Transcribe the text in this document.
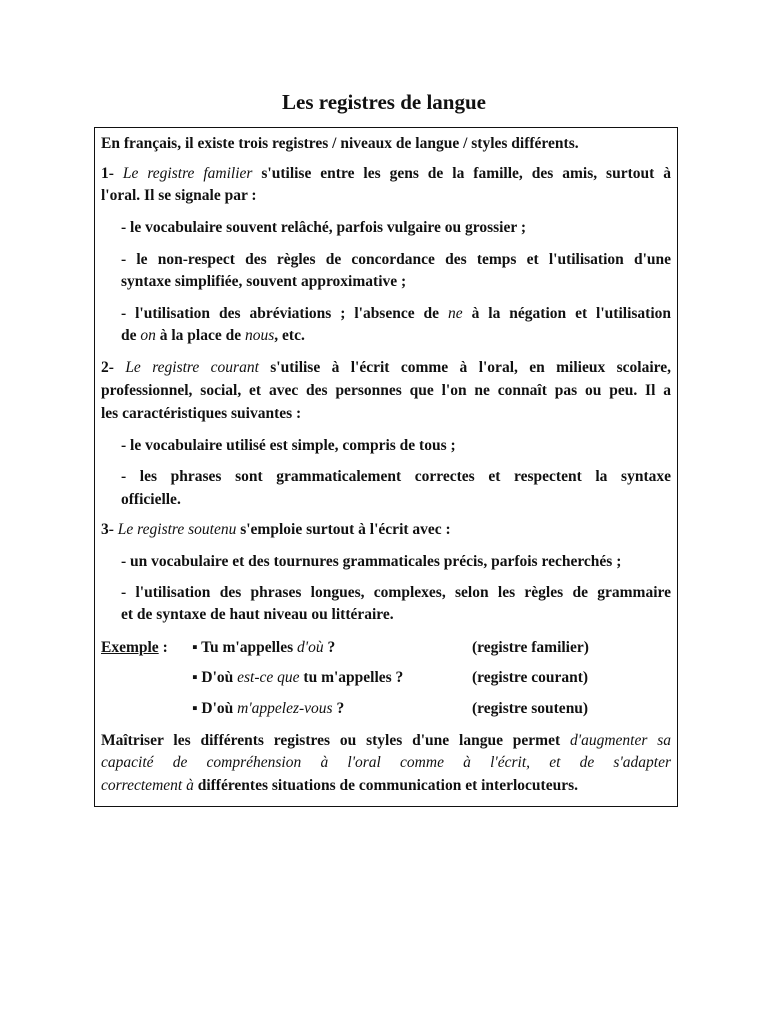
Les registres de langue
En français, il existe trois registres / niveaux de langue / styles différents.
1- Le registre familier s'utilise entre les gens de la famille, des amis, surtout à
l'oral. Il se signale par :
- le vocabulaire souvent relâché, parfois vulgaire ou grossier ;
- le non-respect des règles de concordance des temps et l'utilisation d'une
syntaxe simplifiée, souvent approximative ;
- l'utilisation des abréviations ; l'absence de ne à la négation et l'utilisation
de on à la place de nous, etc.
2- Le registre courant s'utilise à l'écrit comme à l'oral, en milieux scolaire,
professionnel, social, et avec des personnes que l'on ne connaît pas ou peu. Il a
les caractéristiques suivantes :
- le vocabulaire utilisé est simple, compris de tous ;
- les phrases sont grammaticalement correctes et respectent la syntaxe
officielle.
3- Le registre soutenu s'emploie surtout à l'écrit avec :
- un vocabulaire et des tournures grammaticales précis, parfois recherchés ;
- l'utilisation des phrases longues, complexes, selon les règles de grammaire
et de syntaxe de haut niveau ou littéraire.
Exemple : ▪ Tu m'appelles d'où ?	(registre familier)
▪ D'où est-ce que tu m'appelles ?	(registre courant)
▪ D'où m'appelez-vous ?	(registre soutenu)
Maîtriser les différents registres ou styles d'une langue permet d'augmenter sa
capacité de compréhension à l'oral comme à l'écrit, et de s'adapter
correctement à différentes situations de communication et interlocuteurs.
